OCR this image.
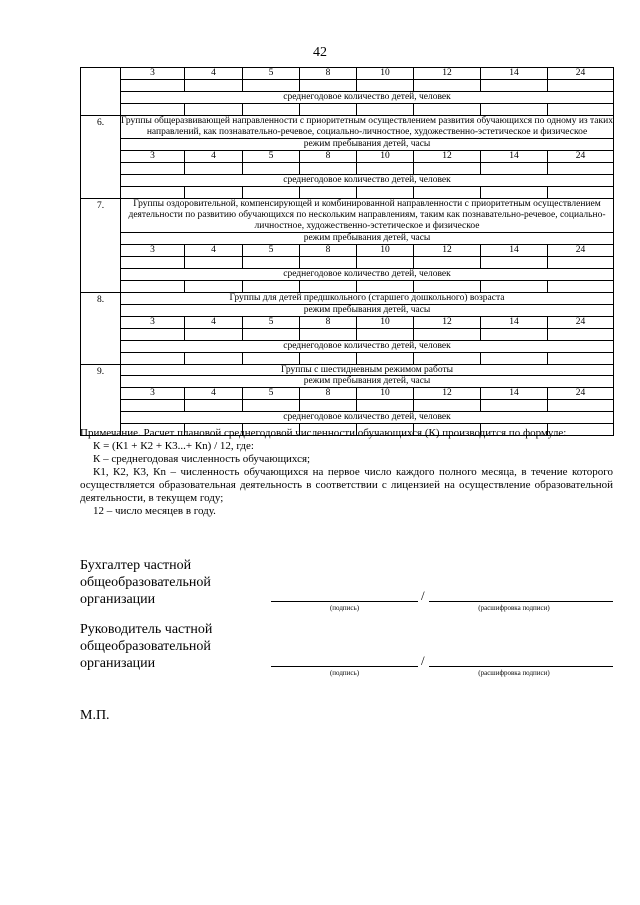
42
	3	4	5	8	10	12	14	24

	среднегодовое количество детей, человек							

6.	Группы общеразвивающей направленности с приоритетным осуществлением развития обучающихся по одному из таких направлений, как познавательно-речевое, социально-личностное, художественно-эстетическое и физическое							
	режим пребывания детей, часы							
	3	4	5	8	10	12	14	24

	среднегодовое количество детей, человек							

7.	Группы оздоровительной, компенсирующей и комбинированной направленности с приоритетным осуществлением деятельности по развитию обучающихся по нескольким направлениям, таким как познавательно-речевое, социально-личностное, художественно-эстетическое и физическое							
	режим пребывания детей, часы							
	3	4	5	8	10	12	14	24

	среднегодовое количество детей, человек							

8.	Группы для детей предшкольного (старшего дошкольного) возраста							
	режим пребывания детей, часы							
	3	4	5	8	10	12	14	24

	среднегодовое количество детей, человек							

9.	Группы с шестидневным режимом работы							
	режим пребывания детей, часы							
	3	4	5	8	10	12	14	24

	среднегодовое количество детей, человек							

Примечание. Расчет плановой среднегодовой численности обучающихся (К) производится по формуле:

К = (К1 + К2 + К3...+ Кn) / 12, где:

К – среднегодовая численность обучающихся;

К1, К2, К3, Кn – численность обучающихся на первое число каждого полного месяца, в течение которого осуществляется образовательная деятельность в соответствии с лицензией на осуществление образовательной деятельности, в текущем году;

12 – число месяцев в году.

Бухгалтер частной общеобразовательной организации	/
(подпись)	(расшифровка подписи)
Руководитель частной общеобразовательной организации	/
(подпись)	(расшифровка подписи)
М.П.
